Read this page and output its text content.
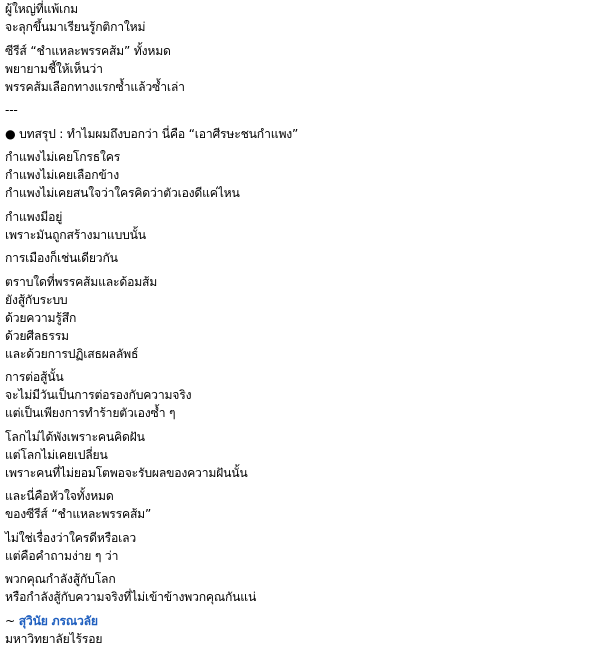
ผู้ใหญ่ที่แพ้เกม
จะลุกขึ้นมาเรียนรู้กติกาใหม่
ซีรีส์ “ชำแหละพรรคส้ม” ทั้งหมด
พยายามชี้ให้เห็นว่า
พรรคส้มเลือกทางแรกซ้ำแล้วซ้ำเล่า
---
● บทสรุป : ทำไมผมถึงบอกว่า นี่คือ “เอาศีรษะชนกำแพง”
กำแพงไม่เคยโกรธใคร
กำแพงไม่เคยเลือกข้าง
กำแพงไม่เคยสนใจว่าใครคิดว่าตัวเองดีแค่ไหน
กำแพงมีอยู่
เพราะมันถูกสร้างมาแบบนั้น
การเมืองก็เช่นเดียวกัน
ตราบใดที่พรรคส้มและด้อมส้ม
ยังสู้กับระบบ
ด้วยความรู้สึก
ด้วยศีลธรรม
และด้วยการปฏิเสธผลลัพธ์
การต่อสู้นั้น
จะไม่มีวันเป็นการต่อรองกับความจริง
แต่เป็นเพียงการทำร้ายตัวเองซ้ำ ๆ
โลกไม่ได้พังเพราะคนคิดฝัน
แต่โลกไม่เคยเปลี่ยน
เพราะคนที่ไม่ยอมโตพอจะรับผลของความฝันนั้น
และนี่คือหัวใจทั้งหมด
ของซีรีส์ “ชำแหละพรรคส้ม”
ไม่ใช่เรื่องว่าใครดีหรือเลว
แต่คือคำถามง่าย ๆ ว่า
พวกคุณกำลังสู้กับโลก
หรือกำลังสู้กับความจริงที่ไม่เข้าข้างพวกคุณกันแน่
~ สุวินัย ภรณวลัย
มหาวิทยาลัยไร้รอย
